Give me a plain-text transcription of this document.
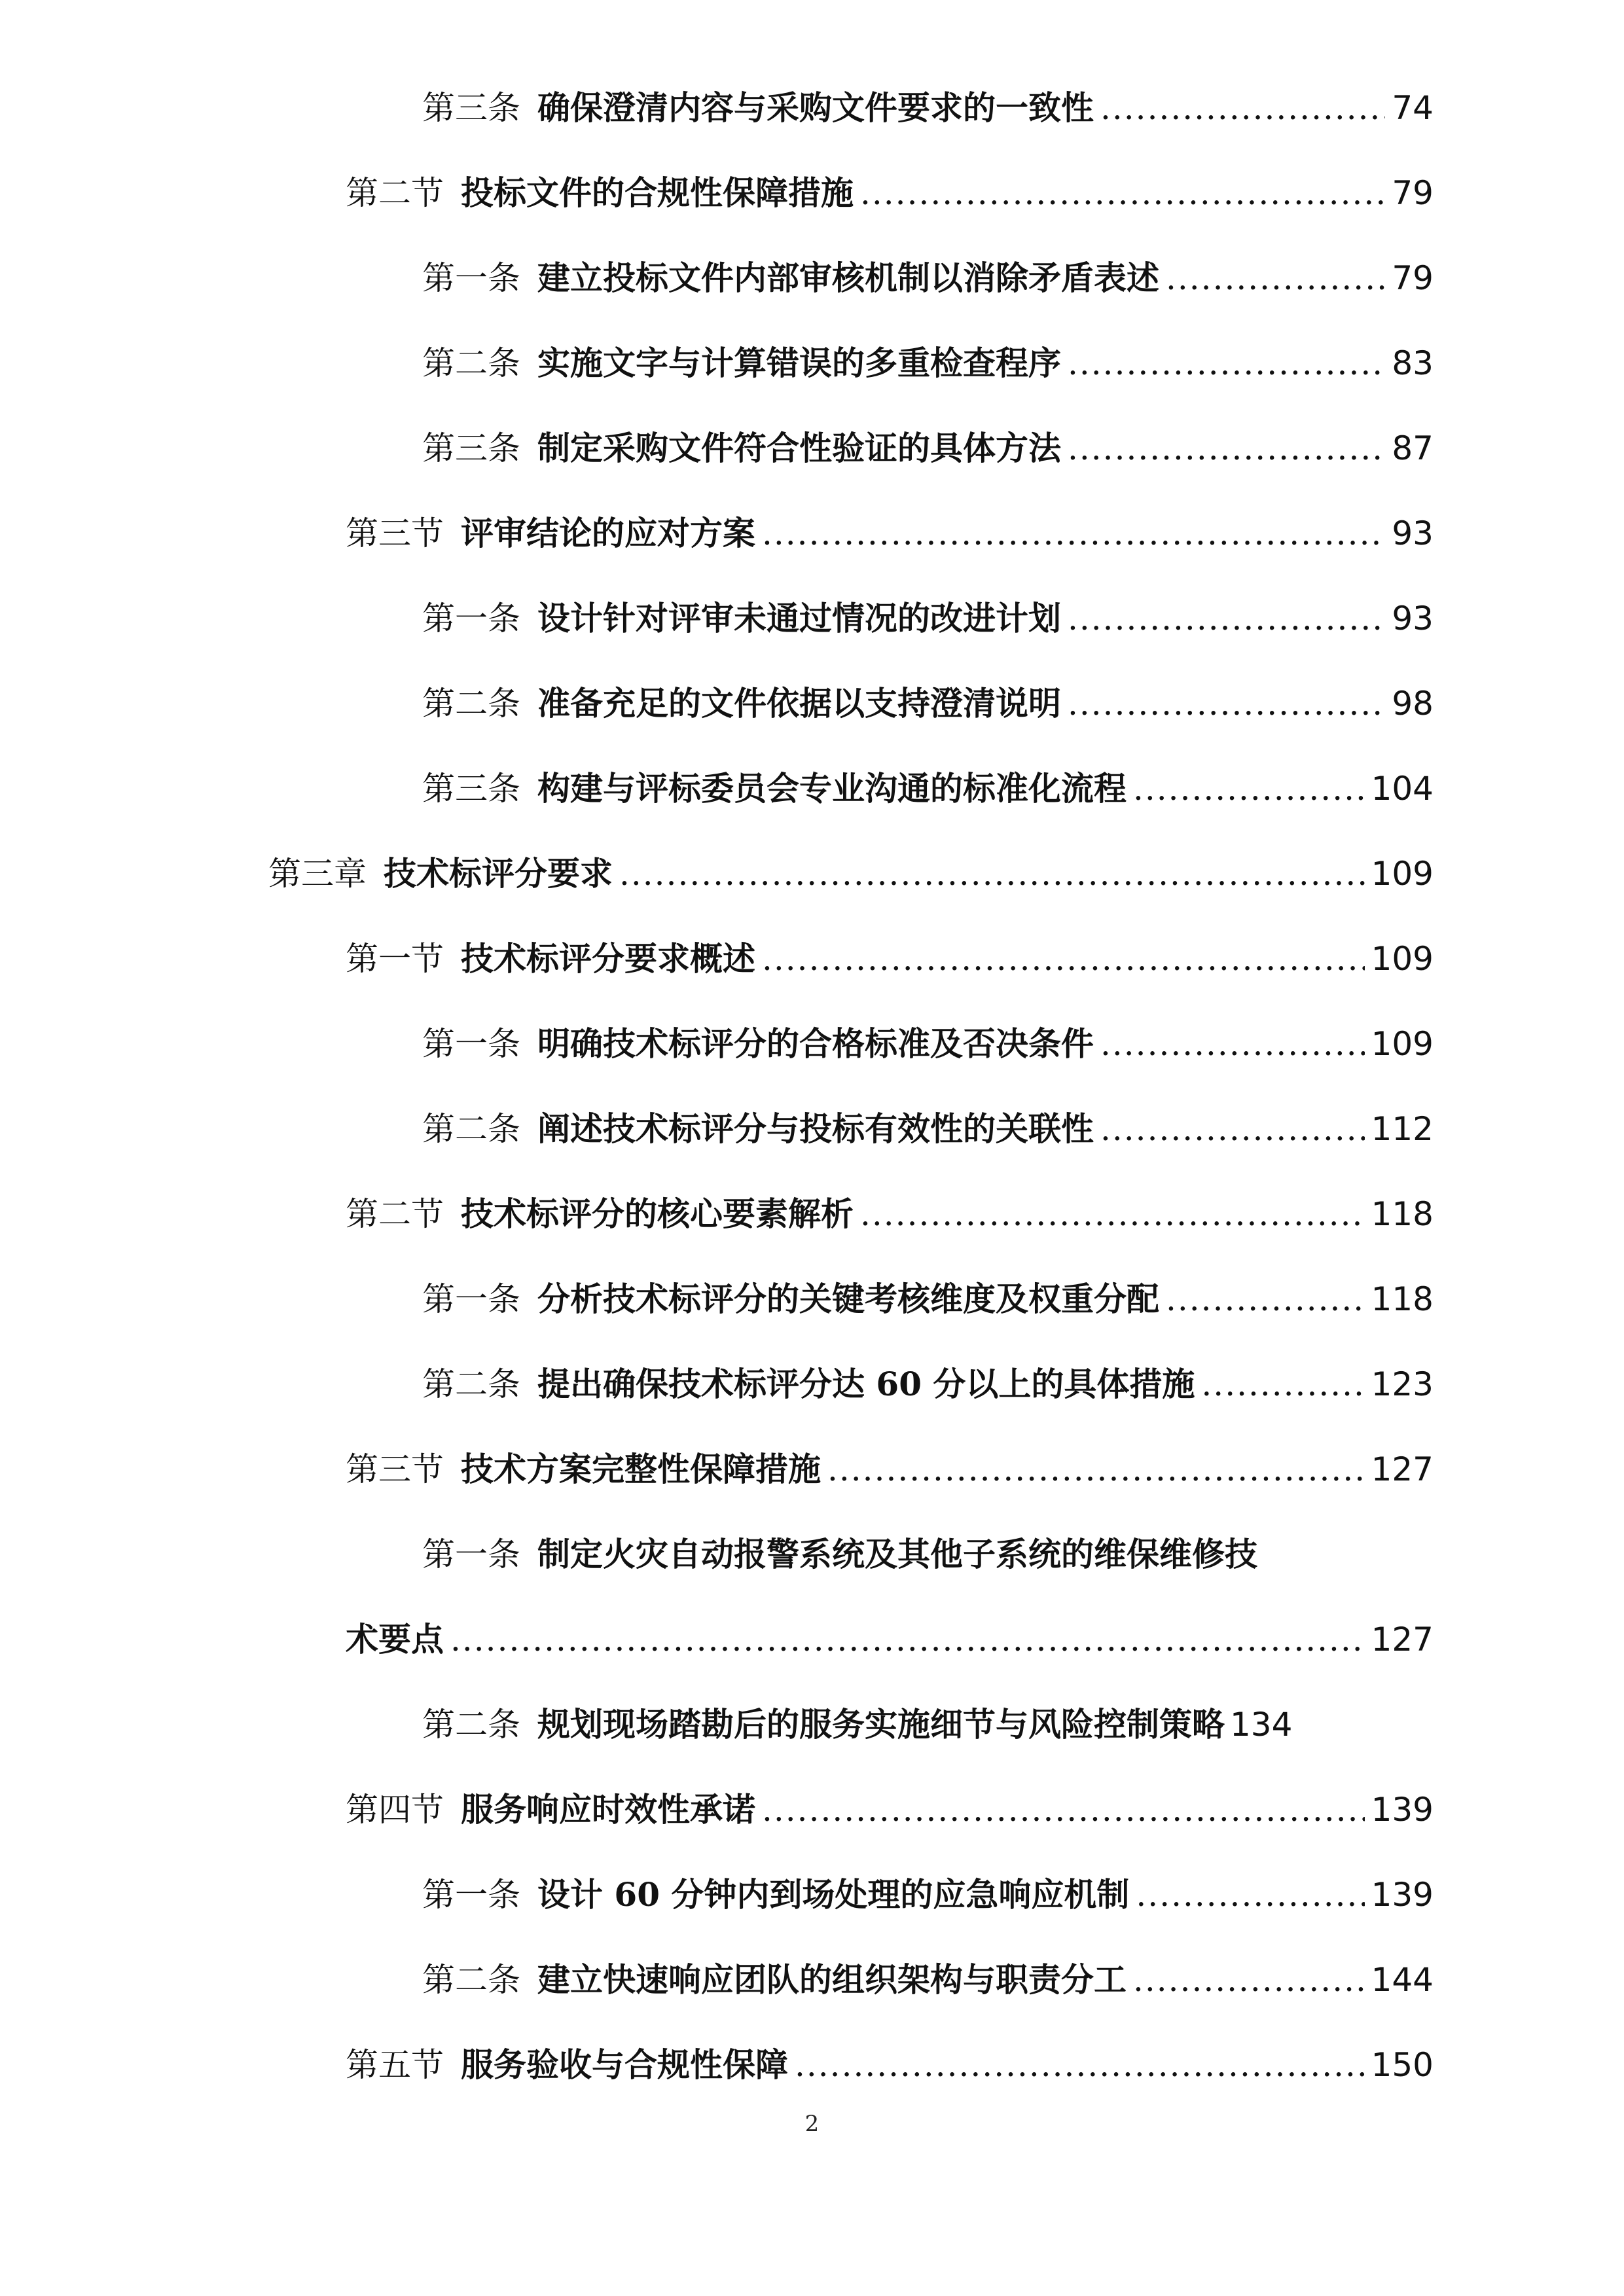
第三条 确保澄清内容与采购文件要求的一致性 .....	74
第二节 投标文件的合规性保障措施 .....	79
第一条 建立投标文件内部审核机制以消除矛盾表述 .....	79
第二条 实施文字与计算错误的多重检查程序 .....	83
第三条 制定采购文件符合性验证的具体方法 .....	87
第三节 评审结论的应对方案 .....	93
第一条 设计针对评审未通过情况的改进计划 .....	93
第二条 准备充足的文件依据以支持澄清说明 .....	98
第三条 构建与评标委员会专业沟通的标准化流程 .....	104
第三章 技术标评分要求 .....	109
第一节 技术标评分要求概述 .....	109
第一条 明确技术标评分的合格标准及否决条件 .....	109
第二条 阐述技术标评分与投标有效性的关联性 .....	112
第二节 技术标评分的核心要素解析 .....	118
第一条 分析技术标评分的关键考核维度及权重分配 .....	118
第二条 提出确保技术标评分达 60 分以上的具体措施 .....	123
第三节 技术方案完整性保障措施 .....	127
第一条 制定火灾自动报警系统及其他子系统的维保维修技
术要点 .....	127
第二条 规划现场踏勘后的服务实施细节与风险控制策略 134
第四节 服务响应时效性承诺 .....	139
第一条 设计 60 分钟内到场处理的应急响应机制 .....	139
第二条 建立快速响应团队的组织架构与职责分工 .....	144
第五节 服务验收与合规性保障 .....	150
2
